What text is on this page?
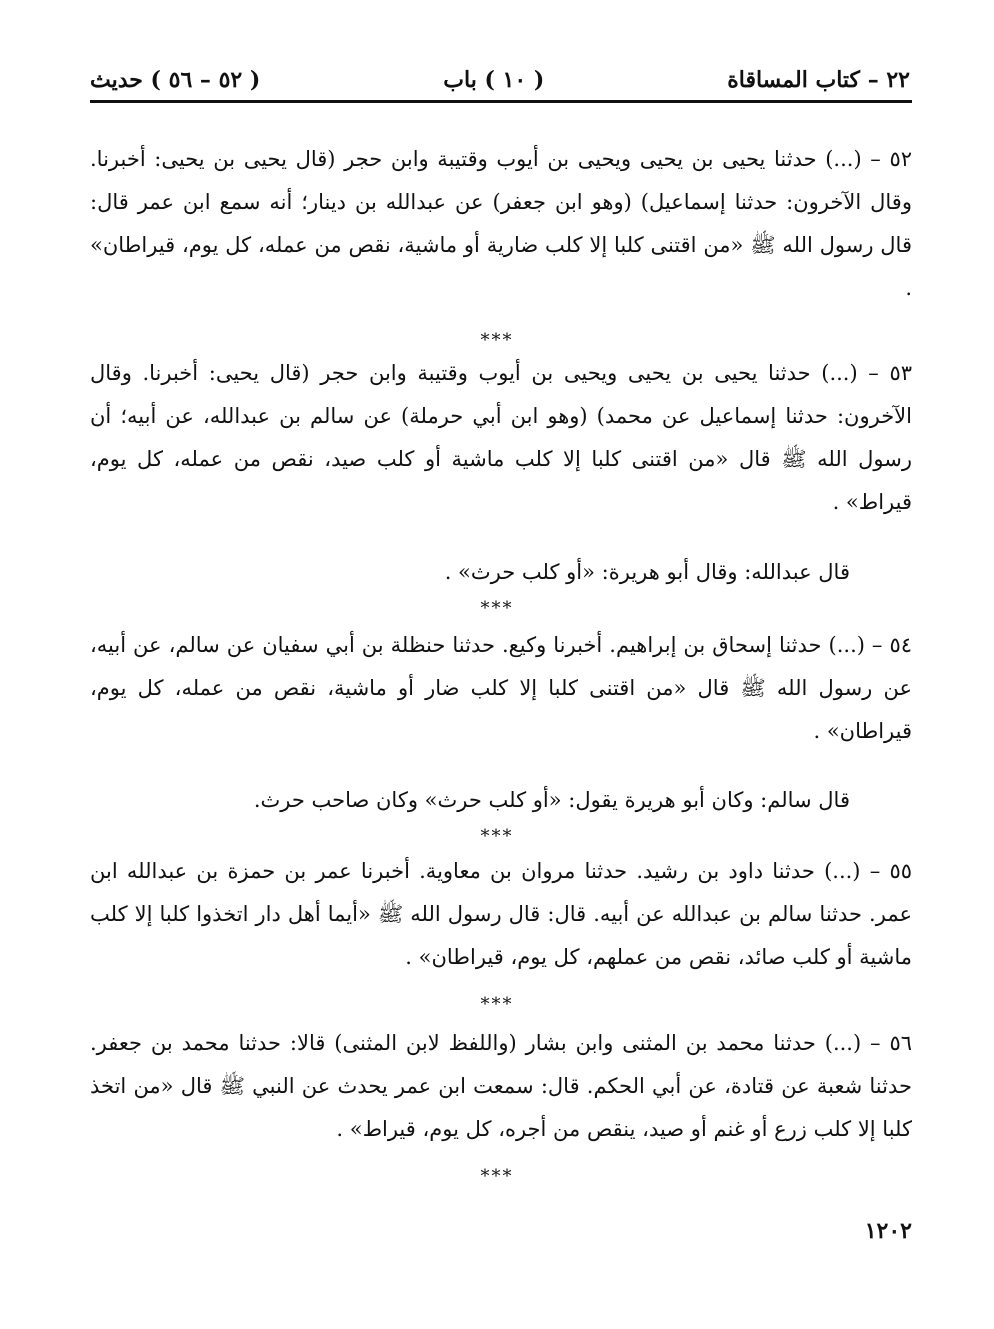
٢٢ – كتاب المساقاة
( ١٠ ) باب
( ٥٢ – ٥٦ ) حديث

٥٢ – (...) حدثنا يحيى بن يحيى ويحيى بن أيوب وقتيبة وابن حجر (قال يحيى بن يحيى: أخبرنا. وقال الآخرون: حدثنا إسماعيل) (وهو ابن جعفر) عن عبدالله بن دينار؛ أنه سمع ابن عمر قال: قال رسول الله ﷺ «من اقتنى كلبا إلا كلب ضارية أو ماشية، نقص من عمله، كل يوم، قيراطان» .

***

٥٣ – (...) حدثنا يحيى بن يحيى ويحيى بن أيوب وقتيبة وابن حجر (قال يحيى: أخبرنا. وقال الآخرون: حدثنا إسماعيل عن محمد) (وهو ابن أبي حرملة) عن سالم بن عبدالله، عن أبيه؛ أن رسول الله ﷺ قال «من اقتنى كلبا إلا كلب ماشية أو كلب صيد، نقص من عمله، كل يوم، قيراط» .

قال عبدالله: وقال أبو هريرة: «أو كلب حرث» .

***

٥٤ – (...) حدثنا إسحاق بن إبراهيم. أخبرنا وكيع. حدثنا حنظلة بن أبي سفيان عن سالم، عن أبيه، عن رسول الله ﷺ قال «من اقتنى كلبا إلا كلب ضار أو ماشية، نقص من عمله، كل يوم، قيراطان» .

قال سالم: وكان أبو هريرة يقول: «أو كلب حرث» وكان صاحب حرث.

***

٥٥ – (...) حدثنا داود بن رشيد. حدثنا مروان بن معاوية. أخبرنا عمر بن حمزة بن عبدالله ابن عمر. حدثنا سالم بن عبدالله عن أبيه. قال: قال رسول الله ﷺ «أيما أهل دار اتخذوا كلبا إلا كلب ماشية أو كلب صائد، نقص من عملهم، كل يوم، قيراطان» .

***

٥٦ – (...) حدثنا محمد بن المثنى وابن بشار (واللفظ لابن المثنى) قالا: حدثنا محمد بن جعفر. حدثنا شعبة عن قتادة، عن أبي الحكم. قال: سمعت ابن عمر يحدث عن النبي ﷺ قال «من اتخذ كلبا إلا كلب زرع أو غنم أو صيد، ينقص من أجره، كل يوم، قيراط» .

***
١٢٠٢
